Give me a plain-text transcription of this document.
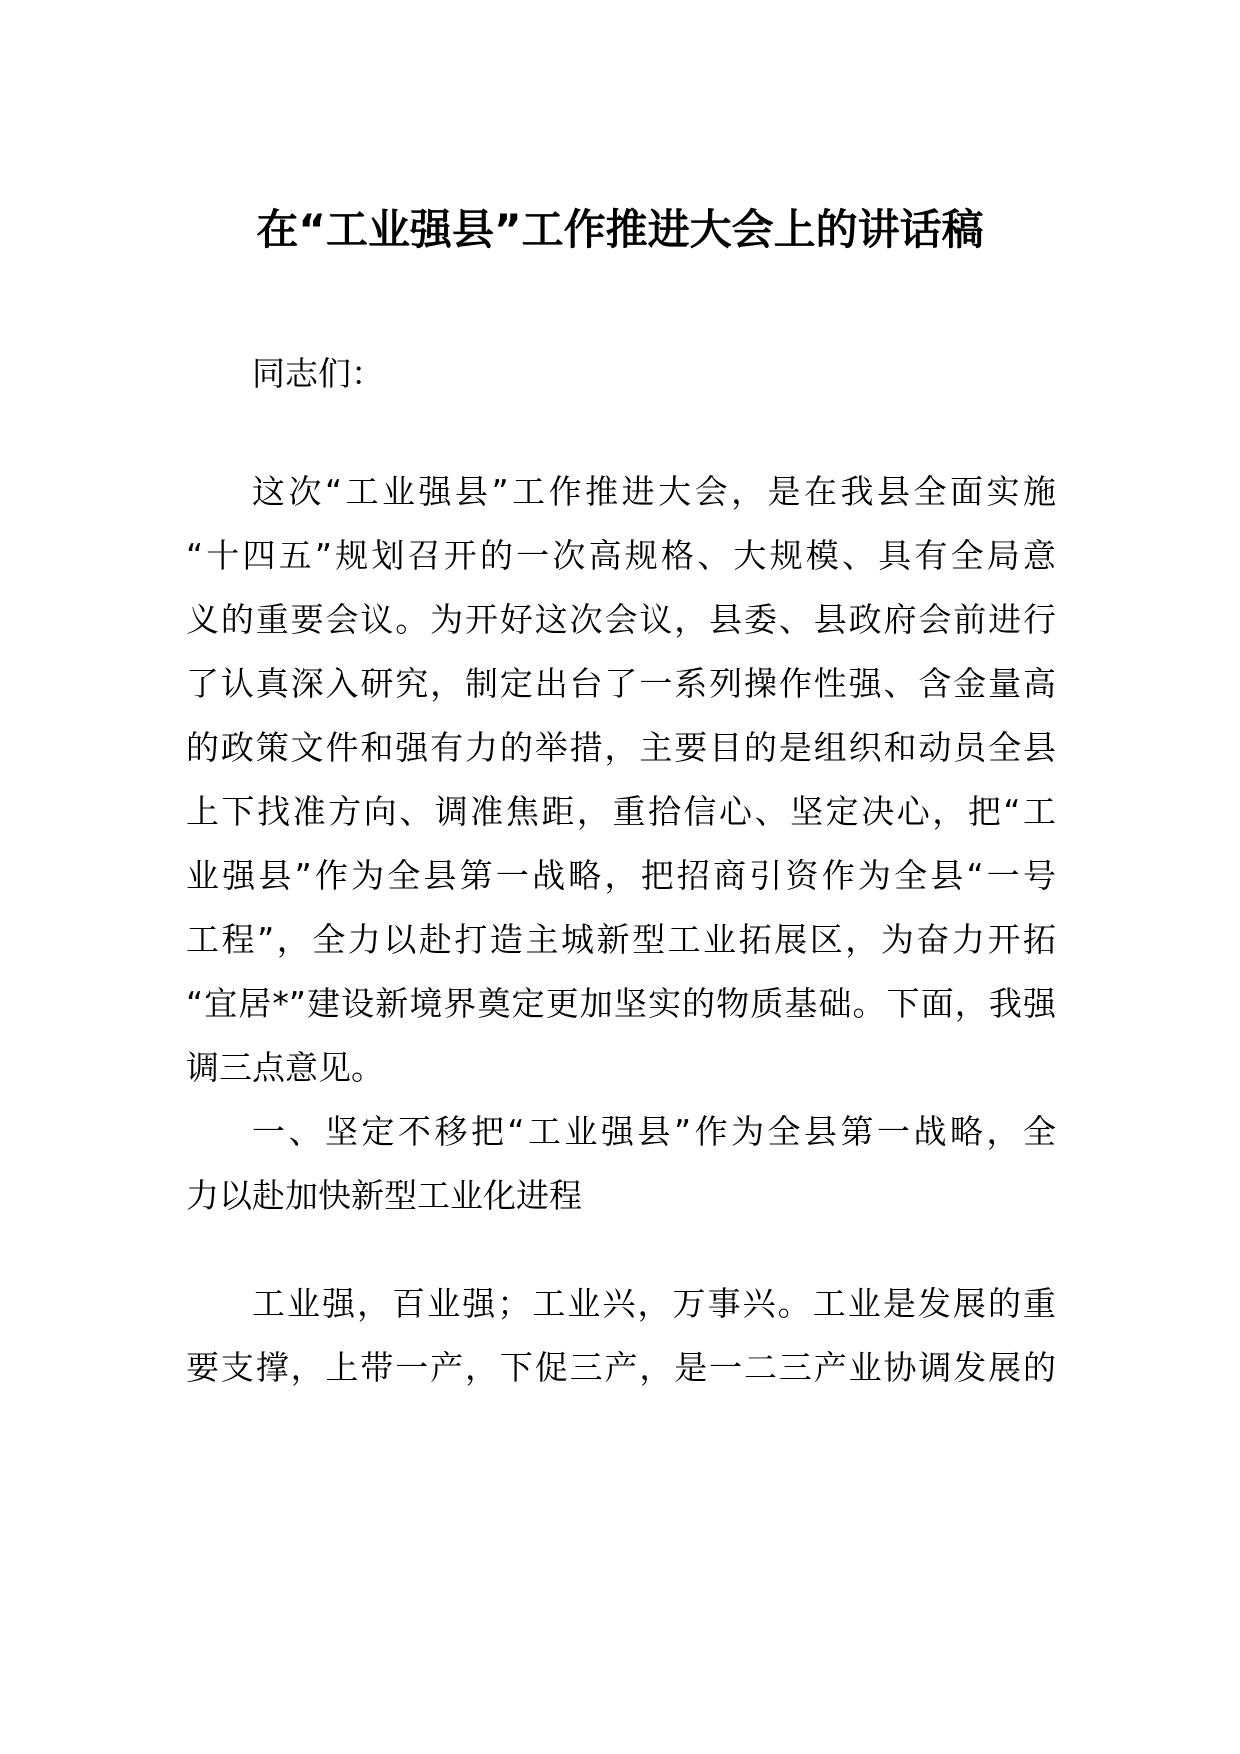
在“工业强县”工作推进大会上的讲话稿

同志们：

这次“工业强县”工作推进大会，是在我县全面实施
“十四五”规划召开的一次高规格、大规模、具有全局意
义的重要会议。为开好这次会议，县委、县政府会前进行
了认真深入研究，制定出台了一系列操作性强、含金量高
的政策文件和强有力的举措，主要目的是组织和动员全县
上下找准方向、调准焦距，重拾信心、坚定决心，把“工
业强县”作为全县第一战略，把招商引资作为全县“一号
工程”，全力以赴打造主城新型工业拓展区，为奋力开拓
“宜居*”建设新境界奠定更加坚实的物质基础。下面，我强
调三点意见。

一、坚定不移把“工业强县”作为全县第一战略，全
力以赴加快新型工业化进程

工业强，百业强；工业兴，万事兴。工业是发展的重
要支撑，上带一产，下促三产，是一二三产业协调发展的
